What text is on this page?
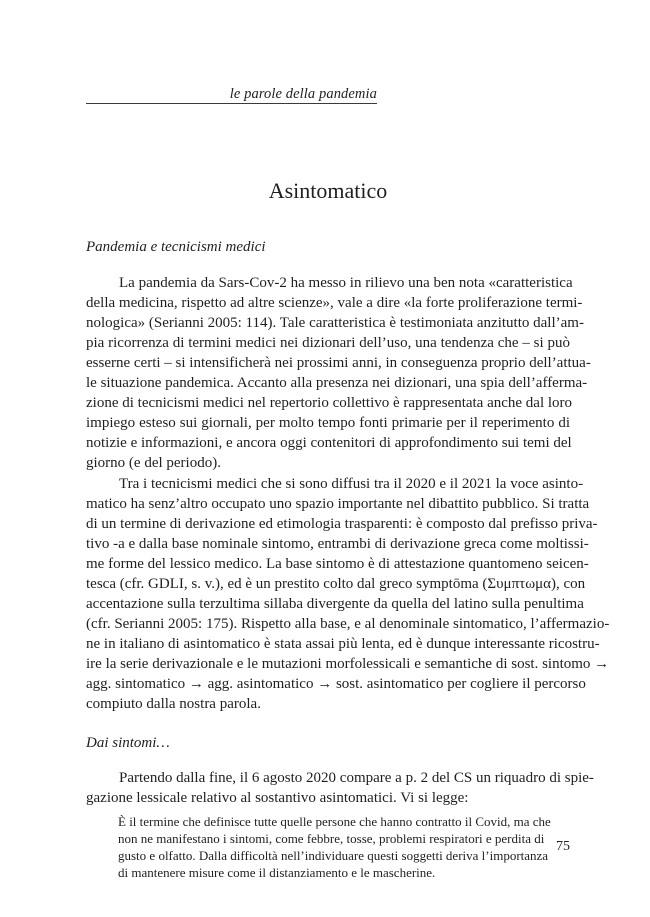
le parole della pandemia
Asintomatico
Pandemia e tecnicismi medici
La pandemia da Sars-Cov-2 ha messo in rilievo una ben nota «caratteristica
della medicina, rispetto ad altre scienze», vale a dire «la forte proliferazione termi-
nologica» (Serianni 2005: 114). Tale caratteristica è testimoniata anzitutto dall’am-
pia ricorrenza di termini medici nei dizionari dell’uso, una tendenza che – si può
esserne certi – si intensificherà nei prossimi anni, in conseguenza proprio dell’attua-
le situazione pandemica. Accanto alla presenza nei dizionari, una spia dell’afferma-
zione di tecnicismi medici nel repertorio collettivo è rappresentata anche dal loro
impiego esteso sui giornali, per molto tempo fonti primarie per il reperimento di
notizie e informazioni, e ancora oggi contenitori di approfondimento sui temi del
giorno (e del periodo).
Tra i tecnicismi medici che si sono diffusi tra il 2020 e il 2021 la voce asinto-
matico ha senz’altro occupato uno spazio importante nel dibattito pubblico. Si tratta
di un termine di derivazione ed etimologia trasparenti: è composto dal prefisso priva-
tivo -a e dalla base nominale sintomo, entrambi di derivazione greca come moltissi-
me forme del lessico medico. La base sintomo è di attestazione quantomeno seicen-
tesca (cfr. GDLI, s. v.), ed è un prestito colto dal greco symptōma (Συμπτωμα), con
accentazione sulla terzultima sillaba divergente da quella del latino sulla penultima
(cfr. Serianni 2005: 175). Rispetto alla base, e al denominale sintomatico, l’affermazio-
ne in italiano di asintomatico è stata assai più lenta, ed è dunque interessante ricostru-
ire la serie derivazionale e le mutazioni morfolessicali e semantiche di sost. sintomo →
agg. sintomatico → agg. asintomatico → sost. asintomatico per cogliere il percorso
compiuto dalla nostra parola.
Dai sintomi…
Partendo dalla fine, il 6 agosto 2020 compare a p. 2 del CS un riquadro di spie-
gazione lessicale relativo al sostantivo asintomatici. Vi si legge:
È il termine che definisce tutte quelle persone che hanno contratto il Covid, ma che
non ne manifestano i sintomi, come febbre, tosse, problemi respiratori e perdita di
gusto e olfatto. Dalla difficoltà nell’individuare questi soggetti deriva l’importanza
di mantenere misure come il distanziamento e le mascherine.
75
